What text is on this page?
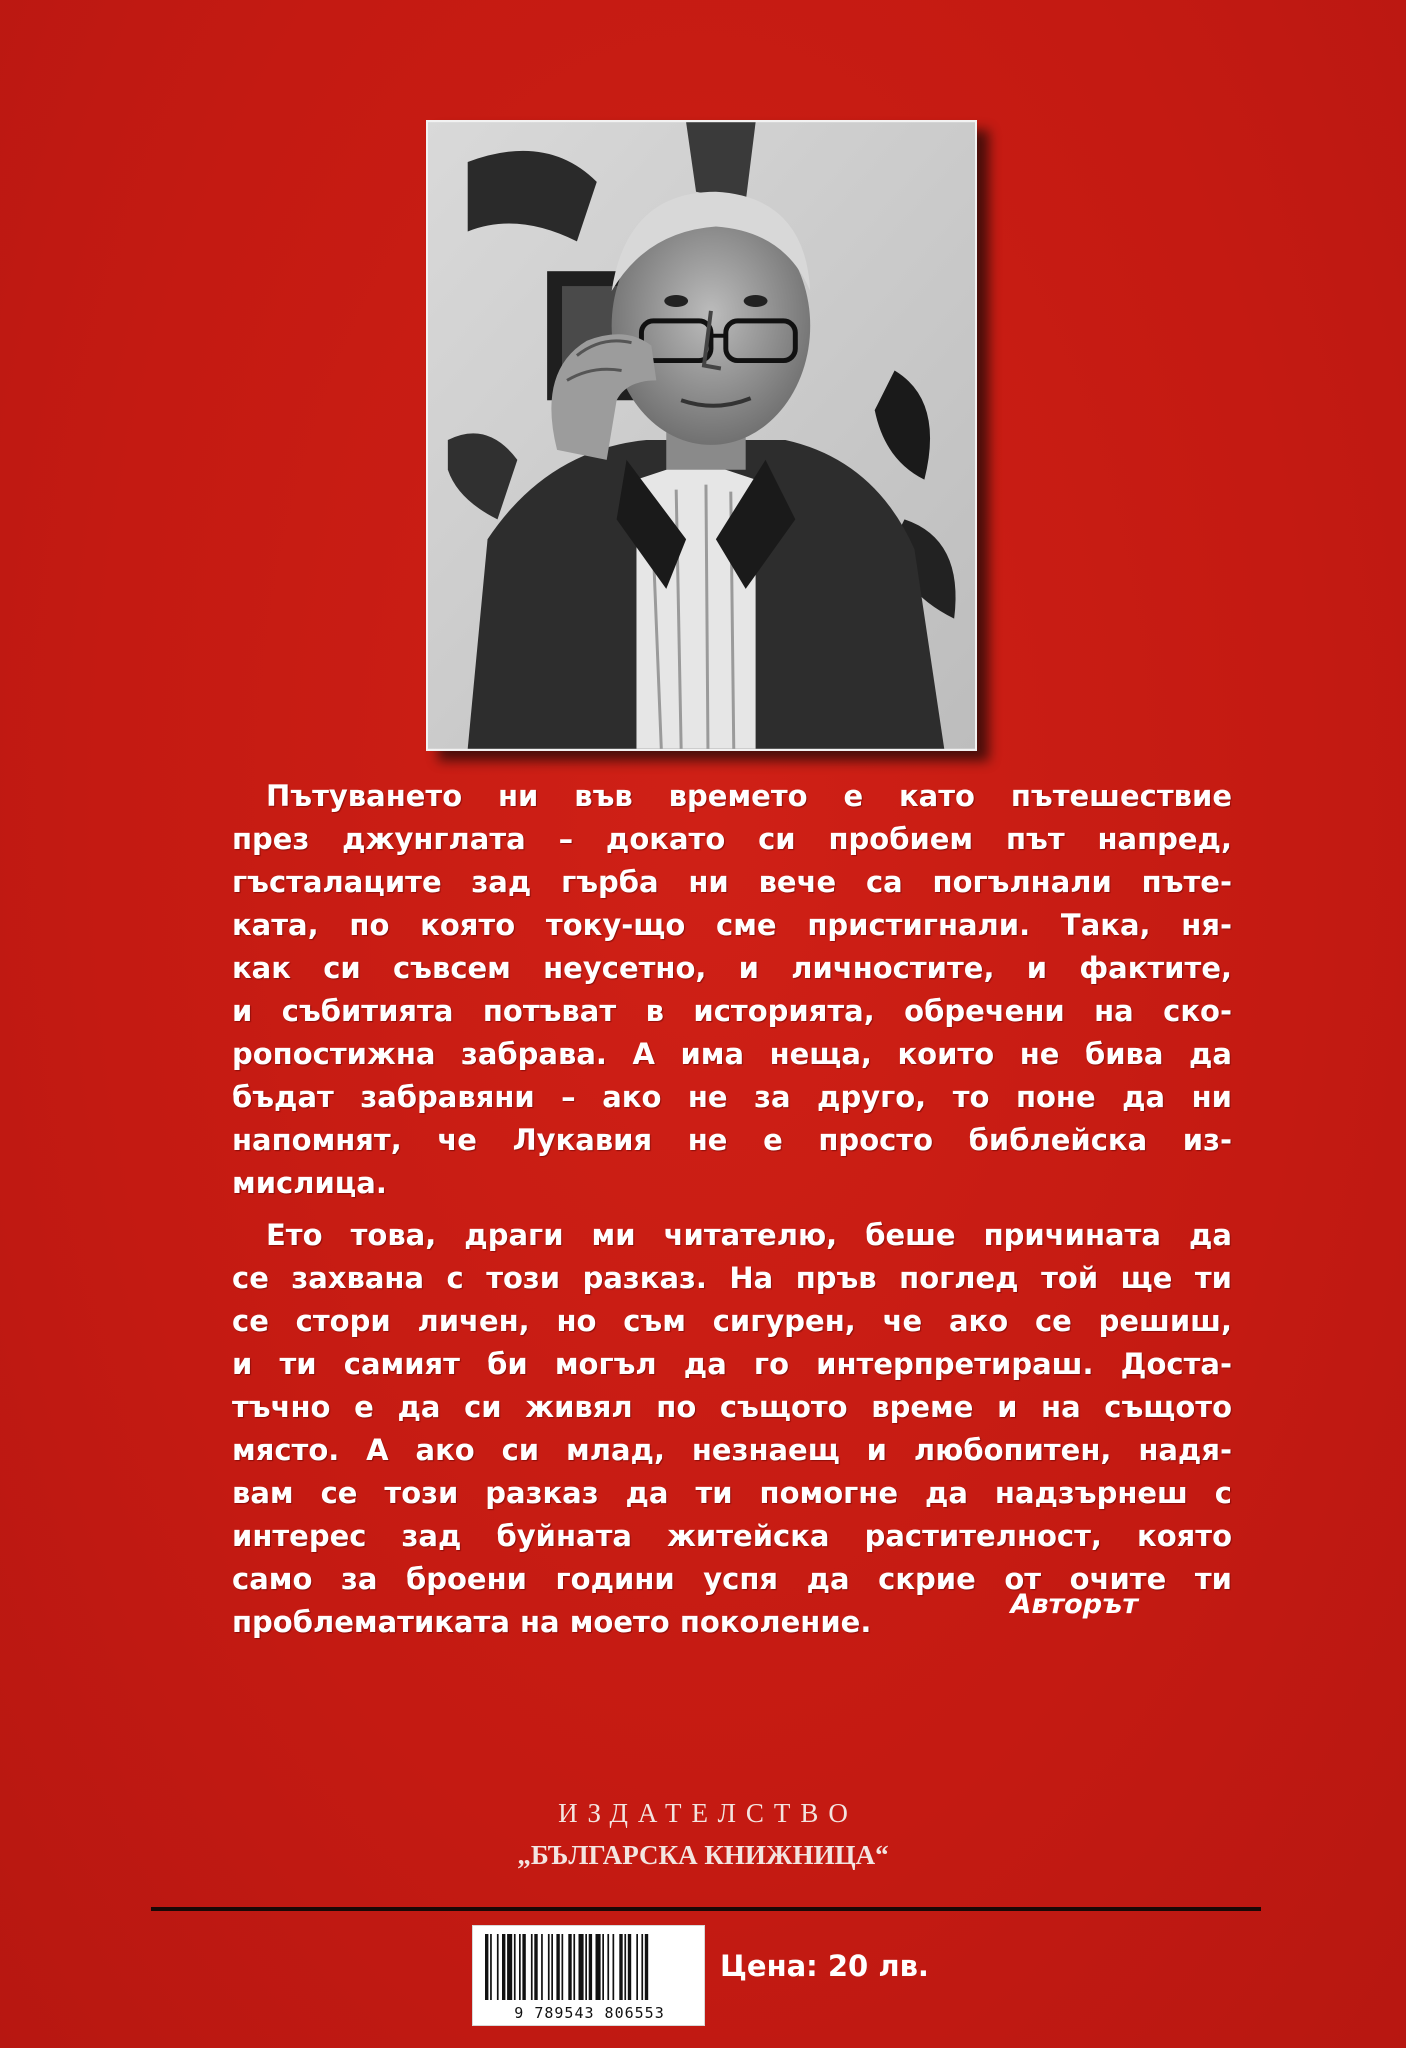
Пътуването ни във времето е като пътешествие
през джунглата – докато си пробием път напред,
гъсталаците зад гърба ни вече са погълнали пъте-
ката, по която току-що сме пристигнали. Така, ня-
как си съвсем неусетно, и личностите, и фактите,
и събитията потъват в историята, обречени на ско-
ропостижна забрава. А има неща, които не бива да
бъдат забравяни – ако не за друго, то поне да ни
напомнят, че Лукавия не е просто библейска из-
мислица.
Ето това, драги ми читателю, беше причината да
се захвана с този разказ. На пръв поглед той ще ти
се стори личен, но съм сигурен, че ако се решиш,
и ти самият би могъл да го интерпретираш. Доста-
тъчно е да си живял по същото време и на същото
място. А ако си млад, незнаещ и любопитен, надя-
вам се този разказ да ти помогне да надзърнеш с
интерес зад буйната житейска растителност, която
само за броени години успя да скрие от очите ти
проблематиката на моето поколение.
Авторът
ИЗДАТЕЛСТВО
„БЪЛГАРСКА КНИЖНИЦА“
9 789543 806553
Цена: 20 лв.
